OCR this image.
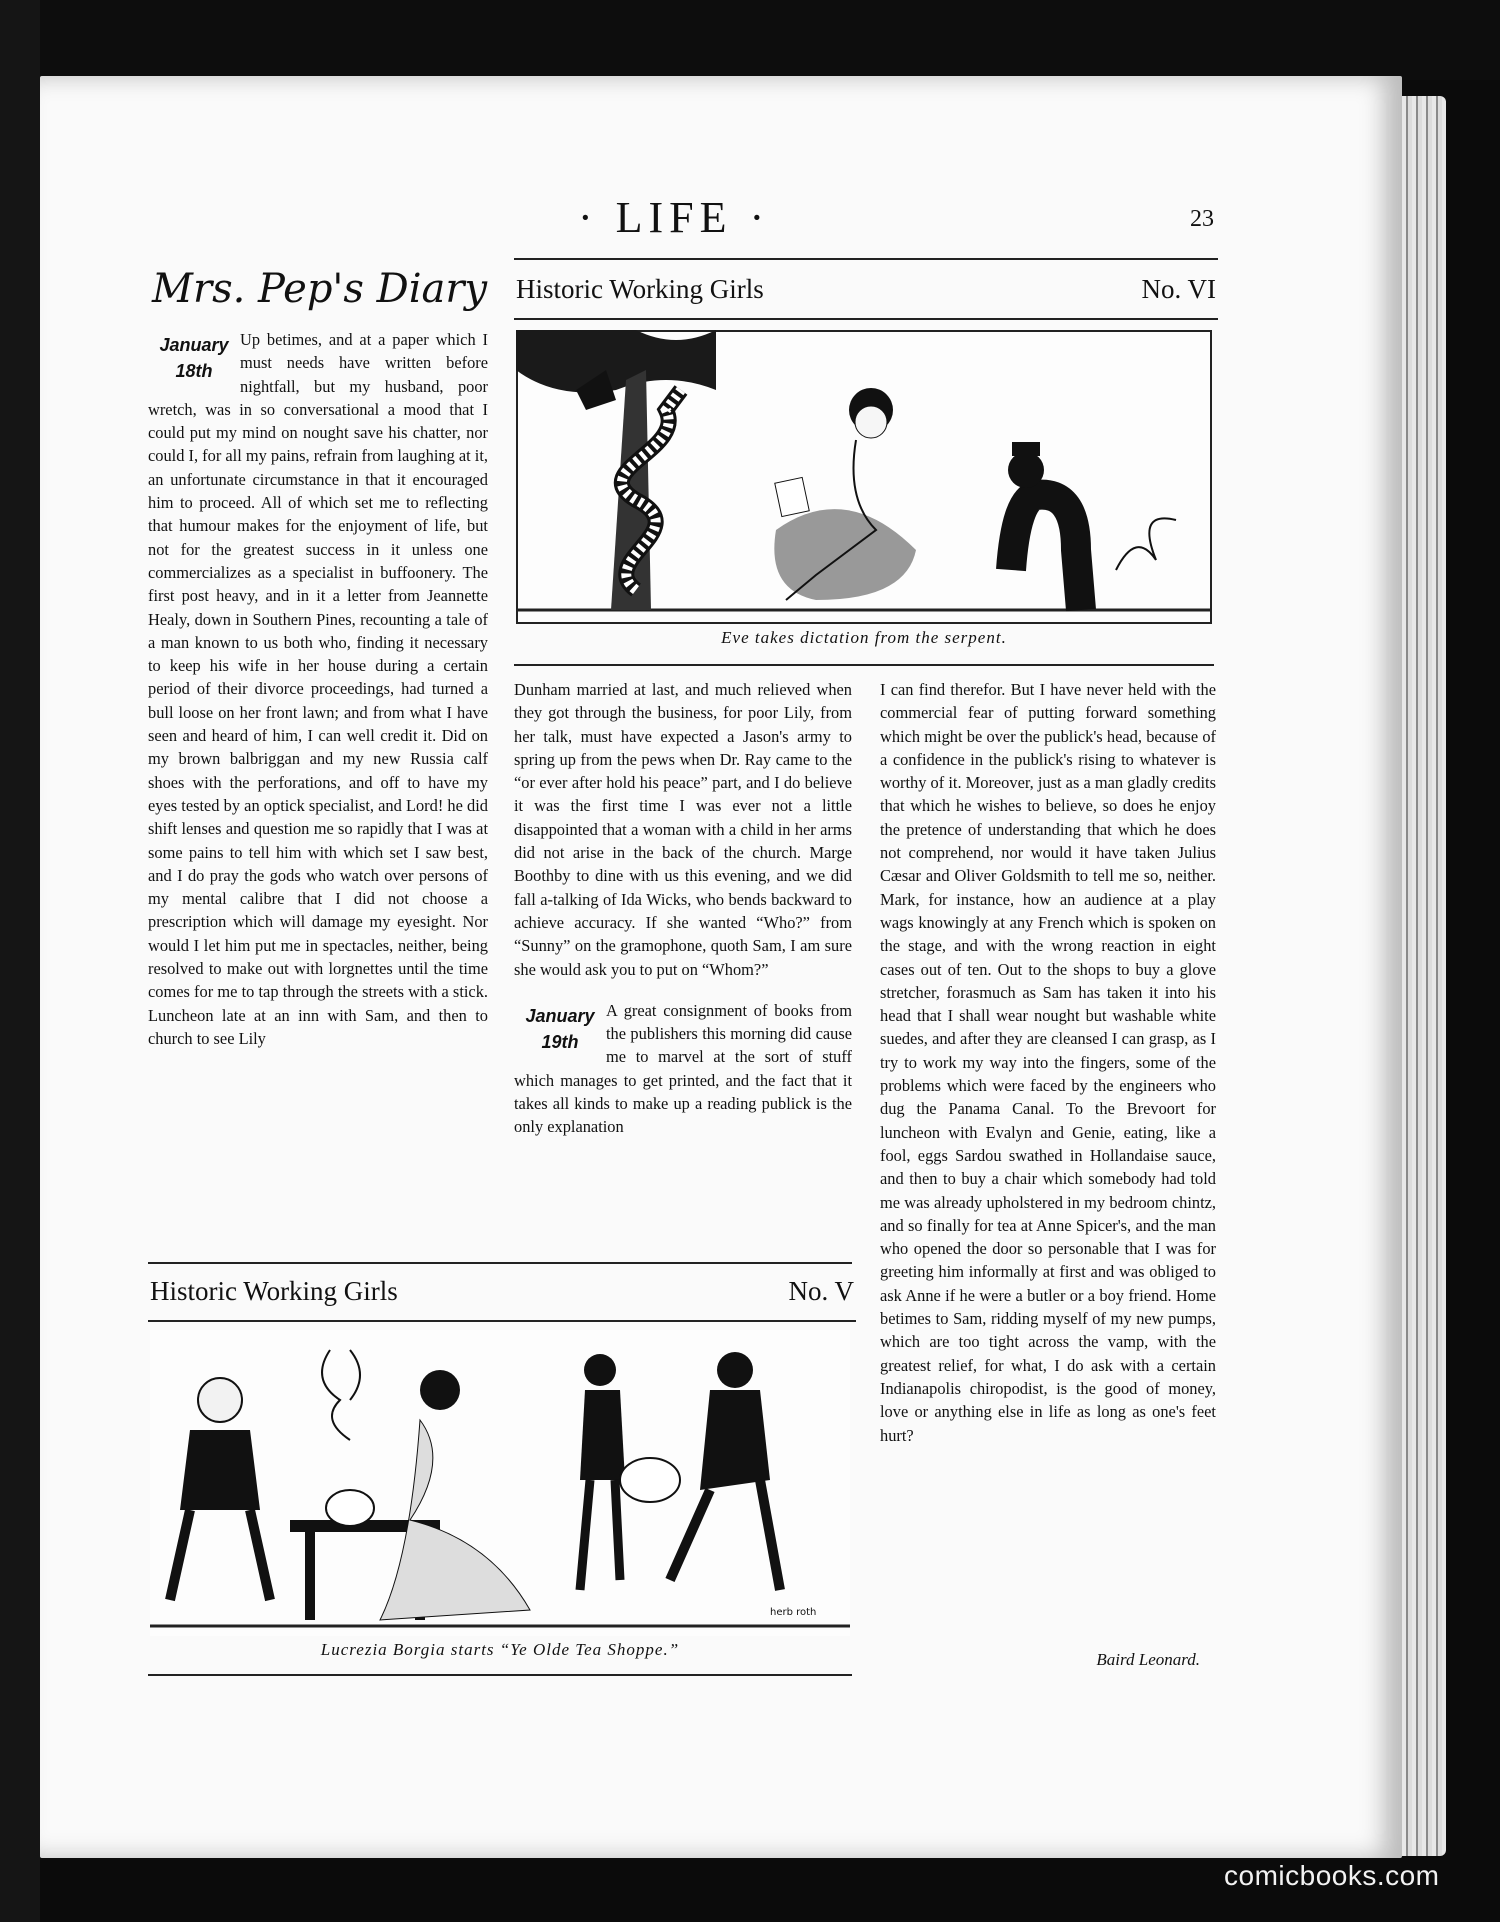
· LIFE ·	23
Mrs. Pep's Diary
January
18th

Up betimes, and at a paper which I must needs have written before nightfall, but my husband, poor wretch, was in so conversational a mood that I could put my mind on nought save his chatter, nor could I, for all my pains, refrain from laughing at it, an unfortunate circumstance in that it encouraged him to proceed. All of which set me to reflecting that humour makes for the enjoyment of life, but not for the greatest success in it unless one commercializes as a specialist in buffoonery. The first post heavy, and in it a letter from Jeannette Healy, down in Southern Pines, recounting a tale of a man known to us both who, finding it necessary to keep his wife in her house during a certain period of their divorce proceedings, had turned a bull loose on her front lawn; and from what I have seen and heard of him, I can well credit it. Did on my brown balbriggan and my new Russia calf shoes with the perforations, and off to have my eyes tested by an optick specialist, and Lord! he did shift lenses and question me so rapidly that I was at some pains to tell him with which set I saw best, and I do pray the gods who watch over persons of my mental calibre that I did not choose a prescription which will damage my eyesight. Nor would I let him put me in spectacles, neither, being resolved to make out with lorgnettes until the time comes for me to tap through the streets with a stick. Luncheon late at an inn with Sam, and then to church to see Lily

Historic Working Girls	No. VI
Eve takes dictation from the serpent.

Dunham married at last, and much relieved when they got through the business, for poor Lily, from her talk, must have expected a Jason's army to spring up from the pews when Dr. Ray came to the “or ever after hold his peace” part, and I do believe it was the first time I was ever not a little disappointed that a woman with a child in her arms did not arise in the back of the church. Marge Boothby to dine with us this evening, and we did fall a-talking of Ida Wicks, who bends backward to achieve accuracy. If she wanted “Who?” from “Sunny” on the gramophone, quoth Sam, I am sure she would ask you to put on “Whom?”

January
19th

A great consignment of books from the publishers this morning did cause me to marvel at the sort of stuff which manages to get printed, and the fact that it takes all kinds to make up a reading publick is the only explanation

I can find therefor. But I have never held with the commercial fear of putting forward something which might be over the publick's head, because of a confidence in the publick's rising to whatever is worthy of it. Moreover, just as a man gladly credits that which he wishes to believe, so does he enjoy the pretence of understanding that which he does not comprehend, nor would it have taken Julius Cæsar and Oliver Goldsmith to tell me so, neither. Mark, for instance, how an audience at a play wags knowingly at any French which is spoken on the stage, and with the wrong reaction in eight cases out of ten. Out to the shops to buy a glove stretcher, forasmuch as Sam has taken it into his head that I shall wear nought but washable white suedes, and after they are cleansed I can grasp, as I try to work my way into the fingers, some of the problems which were faced by the engineers who dug the Panama Canal. To the Brevoort for luncheon with Evalyn and Genie, eating, like a fool, eggs Sardou swathed in Hollandaise sauce, and then to buy a chair which somebody had told me was already upholstered in my bedroom chintz, and so finally for tea at Anne Spicer's, and the man who opened the door so personable that I was for greeting him informally at first and was obliged to ask Anne if he were a butler or a boy friend. Home betimes to Sam, ridding myself of my new pumps, which are too tight across the vamp, with the greatest relief, for what, I do ask with a certain Indianapolis chiropodist, is the good of money, love or anything else in life as long as one's feet hurt?

Baird Leonard.
Historic Working Girls	No. V
herb roth
Lucrezia Borgia starts “Ye Olde Tea Shoppe.”
comicbooks.com
